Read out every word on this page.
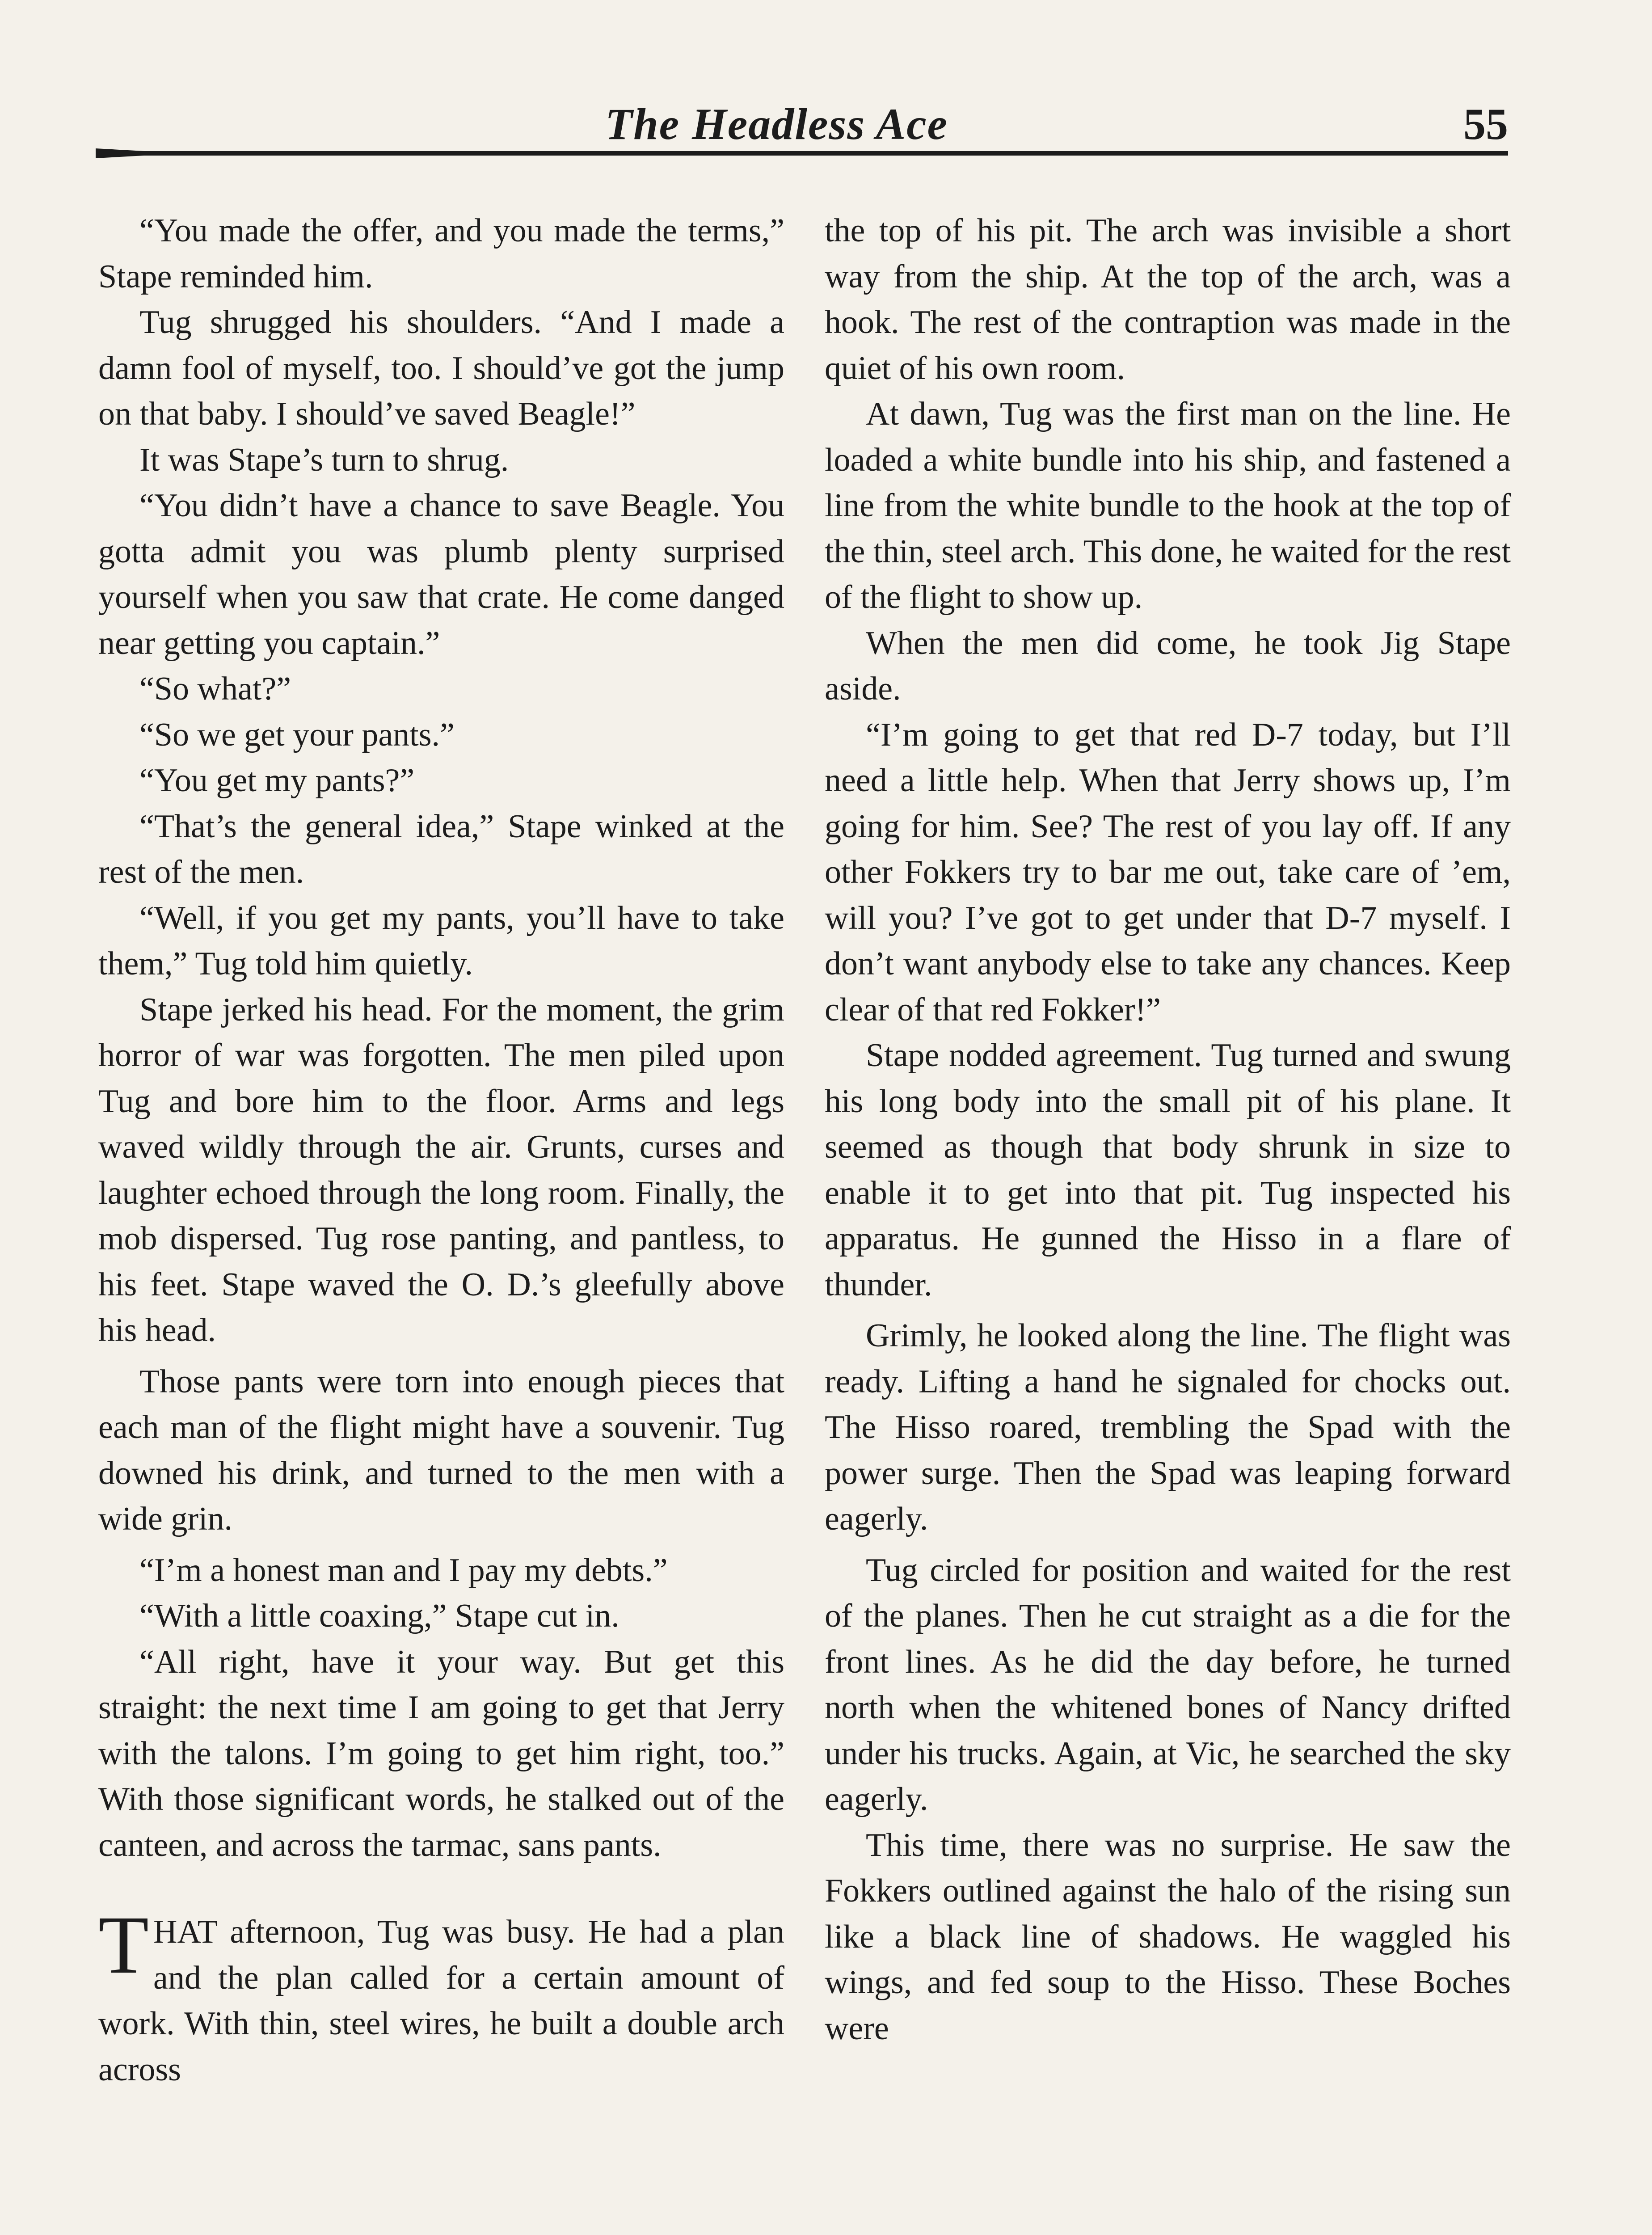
The Headless Ace	55

“You made the offer, and you made the terms,” Stape reminded him.

Tug shrugged his shoulders. “And I made a damn fool of myself, too. I should’ve got the jump on that baby. I should’ve saved Beagle!”

It was Stape’s turn to shrug.

“You didn’t have a chance to save Beagle. You gotta admit you was plumb plenty surprised yourself when you saw that crate. He come danged near getting you captain.”

“So what?”

“So we get your pants.”

“You get my pants?”

“That’s the general idea,” Stape winked at the rest of the men.

“Well, if you get my pants, you’ll have to take them,” Tug told him quietly.

Stape jerked his head. For the moment, the grim horror of war was forgotten. The men piled upon Tug and bore him to the floor. Arms and legs waved wildly through the air. Grunts, curses and laughter echoed through the long room. Finally, the mob dispersed. Tug rose panting, and pantless, to his feet. Stape waved the O. D.’s gleefully above his head.

Those pants were torn into enough pieces that each man of the flight might have a souvenir. Tug downed his drink, and turned to the men with a wide grin.

“I’m a honest man and I pay my debts.”

“With a little coaxing,” Stape cut in.

“All right, have it your way. But get this straight: the next time I am going to get that Jerry with the talons. I’m going to get him right, too.” With those significant words, he stalked out of the canteen, and across the tarmac, sans pants.

THAT afternoon, Tug was busy. He had a plan and the plan called for a certain amount of work. With thin, steel wires, he built a double arch across

the top of his pit. The arch was invisible a short way from the ship. At the top of the arch, was a hook. The rest of the contraption was made in the quiet of his own room.

At dawn, Tug was the first man on the line. He loaded a white bundle into his ship, and fastened a line from the white bundle to the hook at the top of the thin, steel arch. This done, he waited for the rest of the flight to show up.

When the men did come, he took Jig Stape aside.

“I’m going to get that red D-7 today, but I’ll need a little help. When that Jerry shows up, I’m going for him. See? The rest of you lay off. If any other Fokkers try to bar me out, take care of ’em, will you? I’ve got to get under that D-7 myself. I don’t want anybody else to take any chances. Keep clear of that red Fokker!”

Stape nodded agreement. Tug turned and swung his long body into the small pit of his plane. It seemed as though that body shrunk in size to enable it to get into that pit. Tug inspected his apparatus. He gunned the Hisso in a flare of thunder.

Grimly, he looked along the line. The flight was ready. Lifting a hand he signaled for chocks out. The Hisso roared, trembling the Spad with the power surge. Then the Spad was leaping forward eagerly.

Tug circled for position and waited for the rest of the planes. Then he cut straight as a die for the front lines. As he did the day before, he turned north when the whitened bones of Nancy drifted under his trucks. Again, at Vic, he searched the sky eagerly.

This time, there was no surprise. He saw the Fokkers outlined against the halo of the rising sun like a black line of shadows. He waggled his wings, and fed soup to the Hisso. These Boches were
